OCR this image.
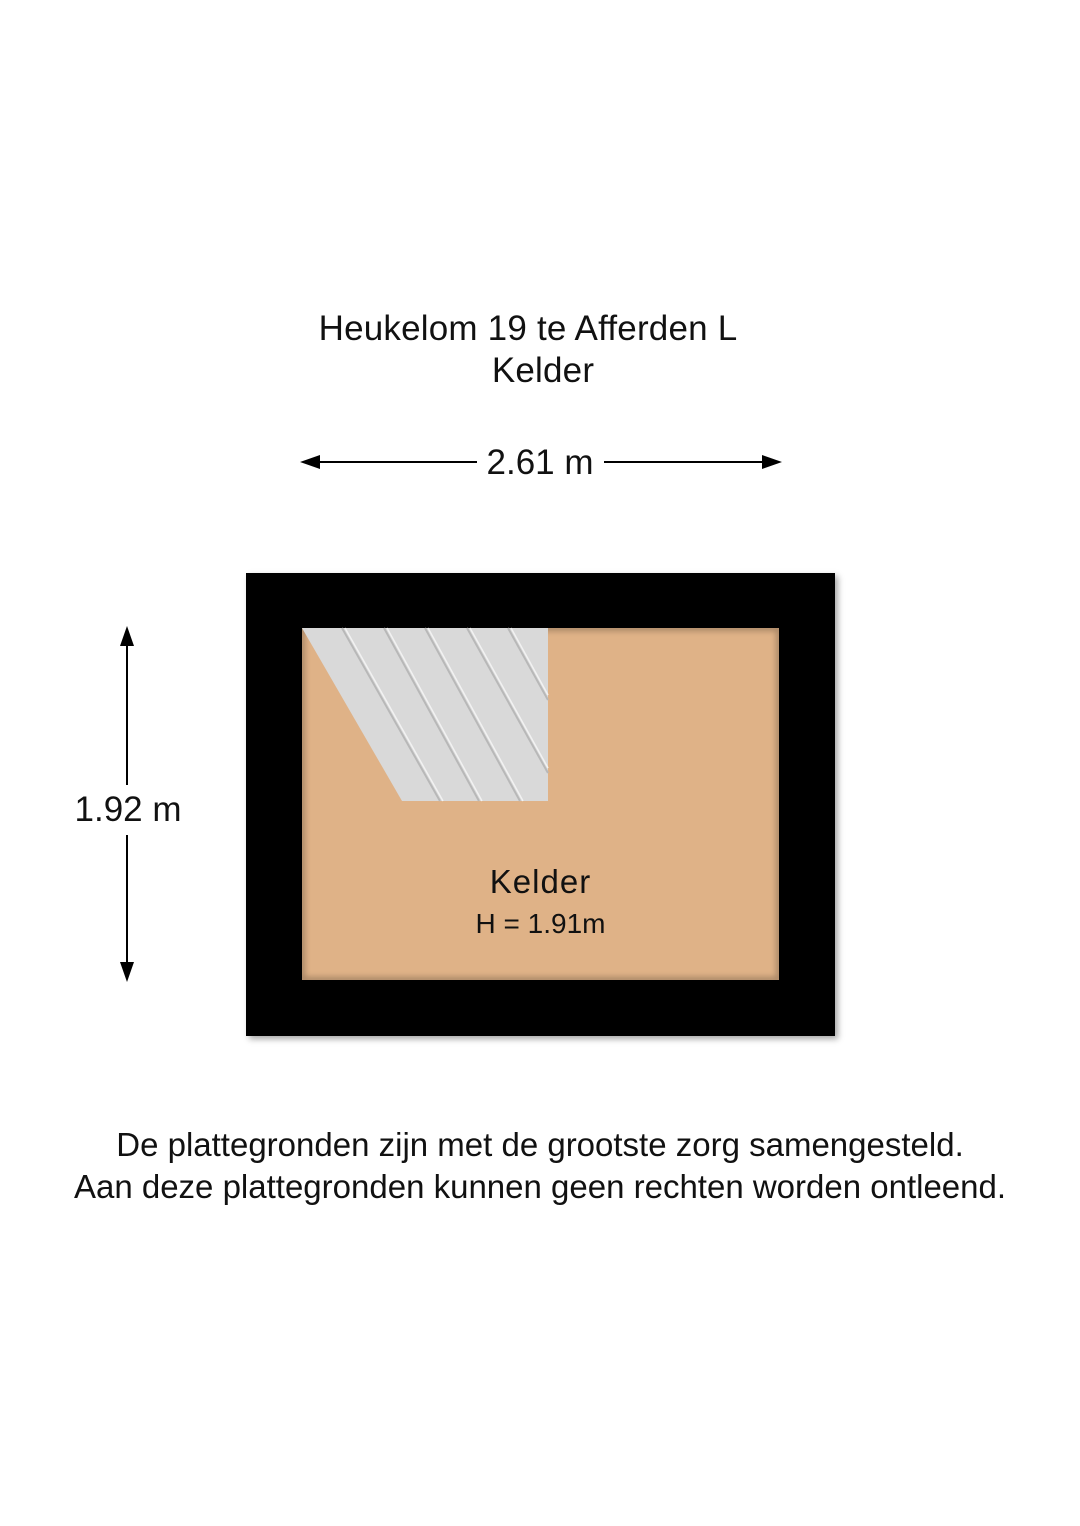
Heukelom 19 te Afferden L
Kelder
2.61 m
1.92 m
Kelder
H = 1.91m
De plattegronden zijn met de grootste zorg samengesteld.
Aan deze plattegronden kunnen geen rechten worden ontleend.
